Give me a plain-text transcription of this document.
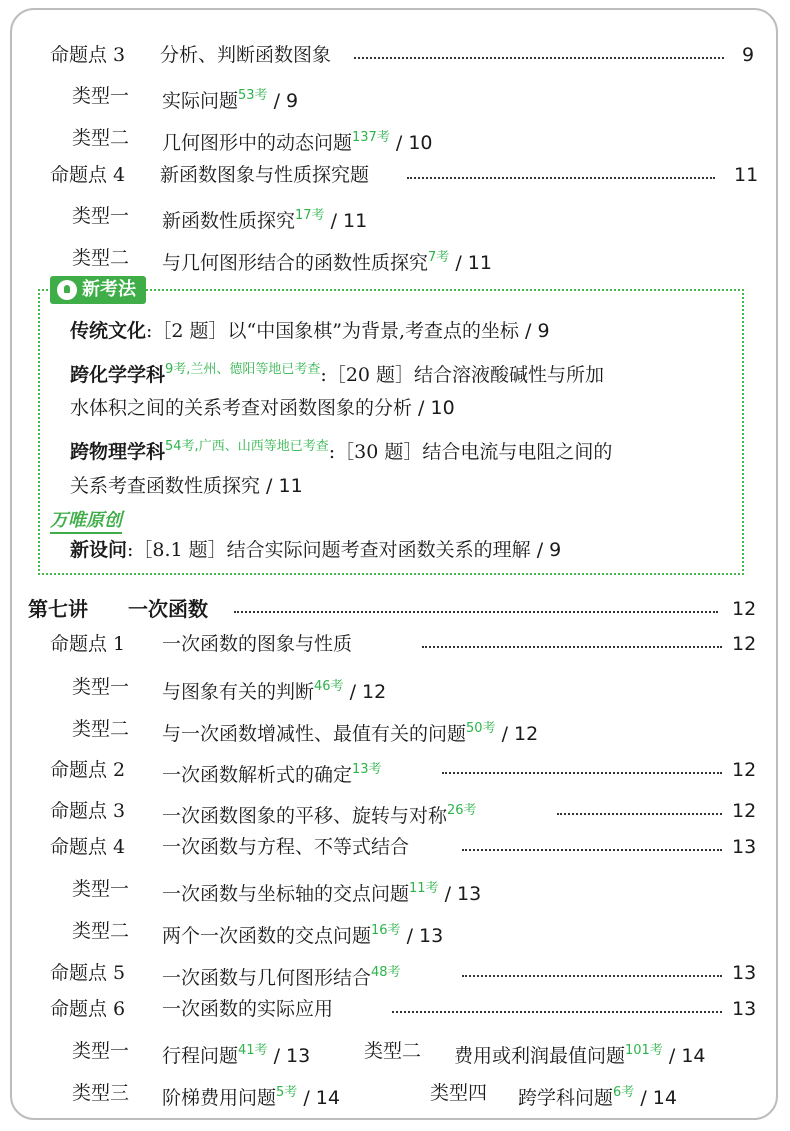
命题点 3 分析、判断函数图象	9
类型一 实际问题$^{53考}$ / 9
类型二 几何图形中的动态问题$^{137考}$ / 10
命题点 4 新函数图象与性质探究题	11
类型一 新函数性质探究$^{17考}$ / 11
类型二 与几何图形结合的函数性质探究$^{7考}$ / 11
新考法
传统文化:［2 题］以“中国象棋”为背景,考查点的坐标 / 9
跨化学学科$^{9考,兰州、德阳等地已考查}$:［20 题］结合溶液酸碱性与所加
水体积之间的关系考查对函数图象的分析 / 10
跨物理学科$^{54考,广西、山西等地已考查}$:［30 题］结合电流与电阻之间的
关系考查函数性质探究 / 11
万唯原创
新设问:［8.1 题］结合实际问题考查对函数关系的理解 / 9
第七讲 一次函数	12
命题点 1 一次函数的图象与性质	12
类型一 与图象有关的判断$^{46考}$ / 12
类型二 与一次函数增减性、最值有关的问题$^{50考}$ / 12
命题点 2 一次函数解析式的确定$^{13考}$	12
命题点 3 一次函数图象的平移、旋转与对称$^{26考}$	12
命题点 4 一次函数与方程、不等式结合	13
类型一 一次函数与坐标轴的交点问题$^{11考}$ / 13
类型二 两个一次函数的交点问题$^{16考}$ / 13
命题点 5 一次函数与几何图形结合$^{48考}$	13
命题点 6 一次函数的实际应用	13
类型一 行程问题$^{41考}$ / 13	类型二 费用或利润最值问题$^{101考}$ / 14
类型三 阶梯费用问题$^{5考}$ / 14	类型四 跨学科问题$^{6考}$ / 14
